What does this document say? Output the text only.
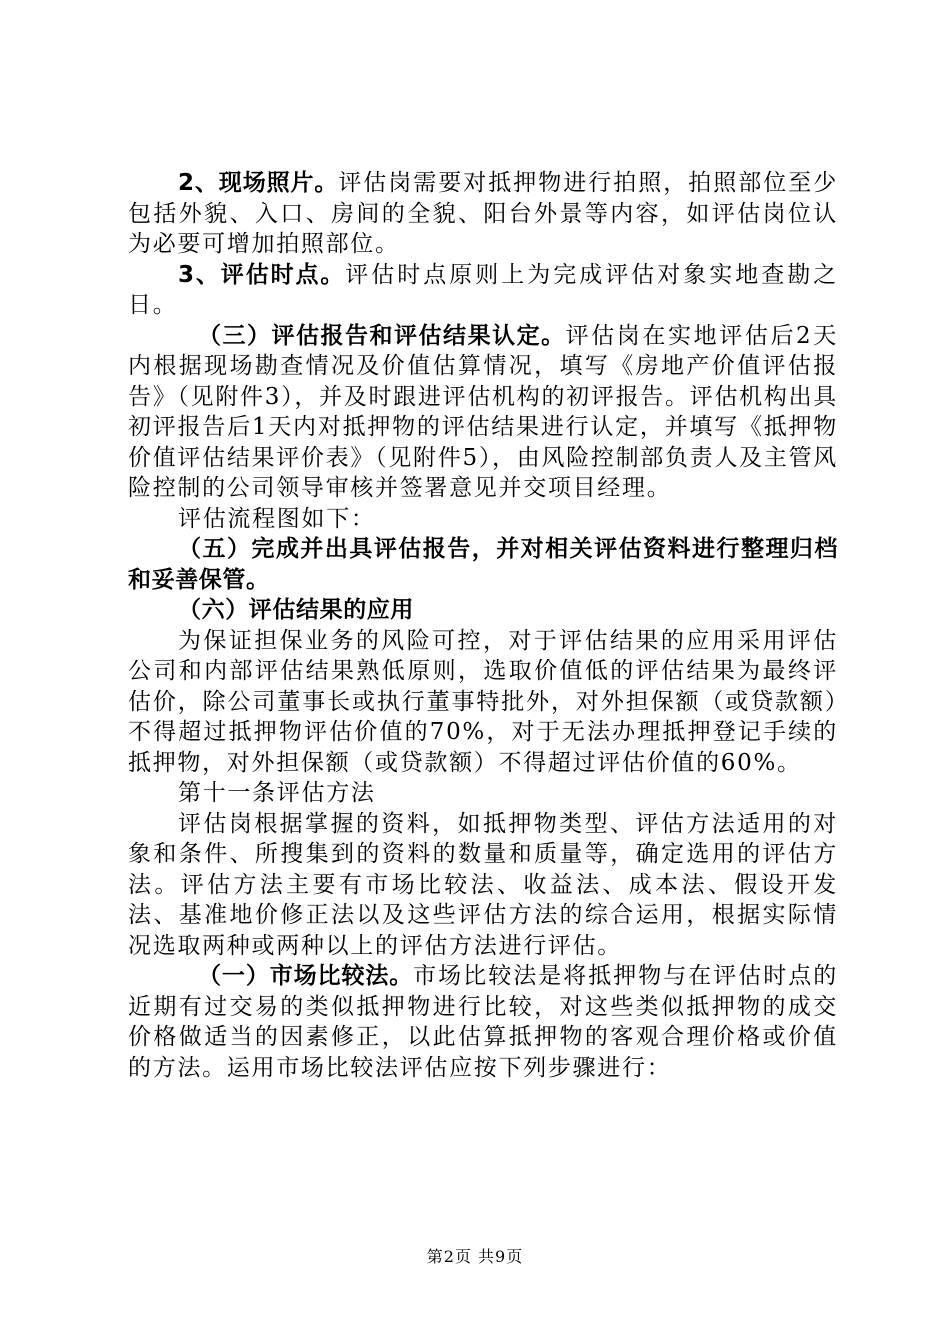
2、现场照片。评估岗需要对抵押物进行拍照，拍照部位至少包括外貌、入口、房间的全貌、阳台外景等内容，如评估岗位认为必要可增加拍照部位。

3、评估时点。评估时点原则上为完成评估对象实地查勘之日。

（三）评估报告和评估结果认定。评估岗在实地评估后2天内根据现场勘查情况及价值估算情况，填写《房地产价值评估报告》（见附件3），并及时跟进评估机构的初评报告。评估机构出具初评报告后1天内对抵押物的评估结果进行认定，并填写《抵押物价值评估结果评价表》（见附件5），由风险控制部负责人及主管风险控制的公司领导审核并签署意见并交项目经理。

评估流程图如下：

（五）完成并出具评估报告，并对相关评估资料进行整理归档和妥善保管。

（六）评估结果的应用

为保证担保业务的风险可控，对于评估结果的应用采用评估公司和内部评估结果熟低原则，选取价值低的评估结果为最终评估价，除公司董事长或执行董事特批外，对外担保额（或贷款额）不得超过抵押物评估价值的70%，对于无法办理抵押登记手续的抵押物，对外担保额（或贷款额）不得超过评估价值的60%。

第十一条评估方法

评估岗根据掌握的资料，如抵押物类型、评估方法适用的对象和条件、所搜集到的资料的数量和质量等，确定选用的评估方法。评估方法主要有市场比较法、收益法、成本法、假设开发法、基准地价修正法以及这些评估方法的综合运用，根据实际情况选取两种或两种以上的评估方法进行评估。

（一）市场比较法。市场比较法是将抵押物与在评估时点的近期有过交易的类似抵押物进行比较，对这些类似抵押物的成交价格做适当的因素修正，以此估算抵押物的客观合理价格或价值的方法。运用市场比较法评估应按下列步骤进行：

第2页 共9页
